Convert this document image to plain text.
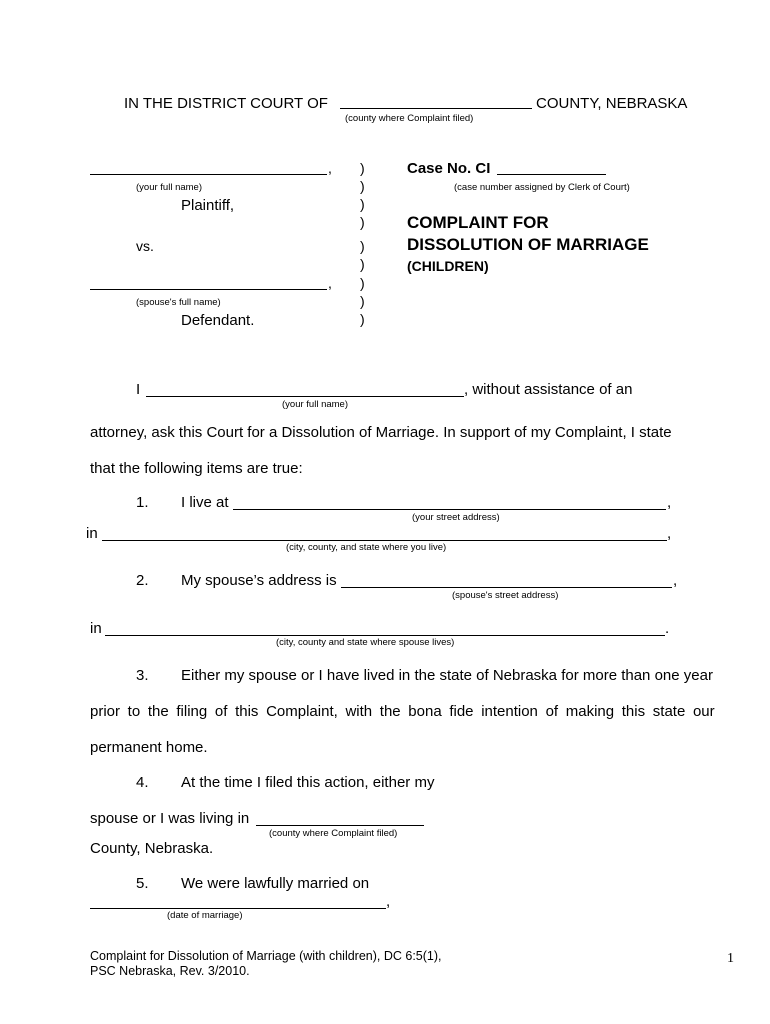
IN THE DISTRICT COURT OF	COUNTY, NEBRASKA
(county where Complaint filed)
,
(your full name)
Plaintiff,
vs.
,
(spouse's full name)
Defendant.
)
)
)
)
)
)
)
)
)
Case No. CI
(case number assigned by Clerk of Court)
COMPLAINT FOR
DISSOLUTION OF MARRIAGE
(CHILDREN)
I	, without assistance of an
(your full name)
attorney, ask this Court for a Dissolution of Marriage. In support of my Complaint, I state
that the following items are true:
1. I live at	,
(your street address)
in	,
(city, county, and state where you live)
2. My spouse’s address is	,
(spouse's street address)
in	.
(city, county and state where spouse lives)
3. Either my spouse or I have lived in the state of Nebraska for more than one year
prior to the filing of this Complaint, with the bona fide intention of making this state our
permanent home.
4. At the time I filed this action, either my
spouse or I was living in
(county where Complaint filed)
County, Nebraska.
5. We were lawfully married on
,
(date of marriage)
Complaint for Dissolution of Marriage (with children), DC 6:5(1),
PSC Nebraska, Rev. 3/2010.
1
